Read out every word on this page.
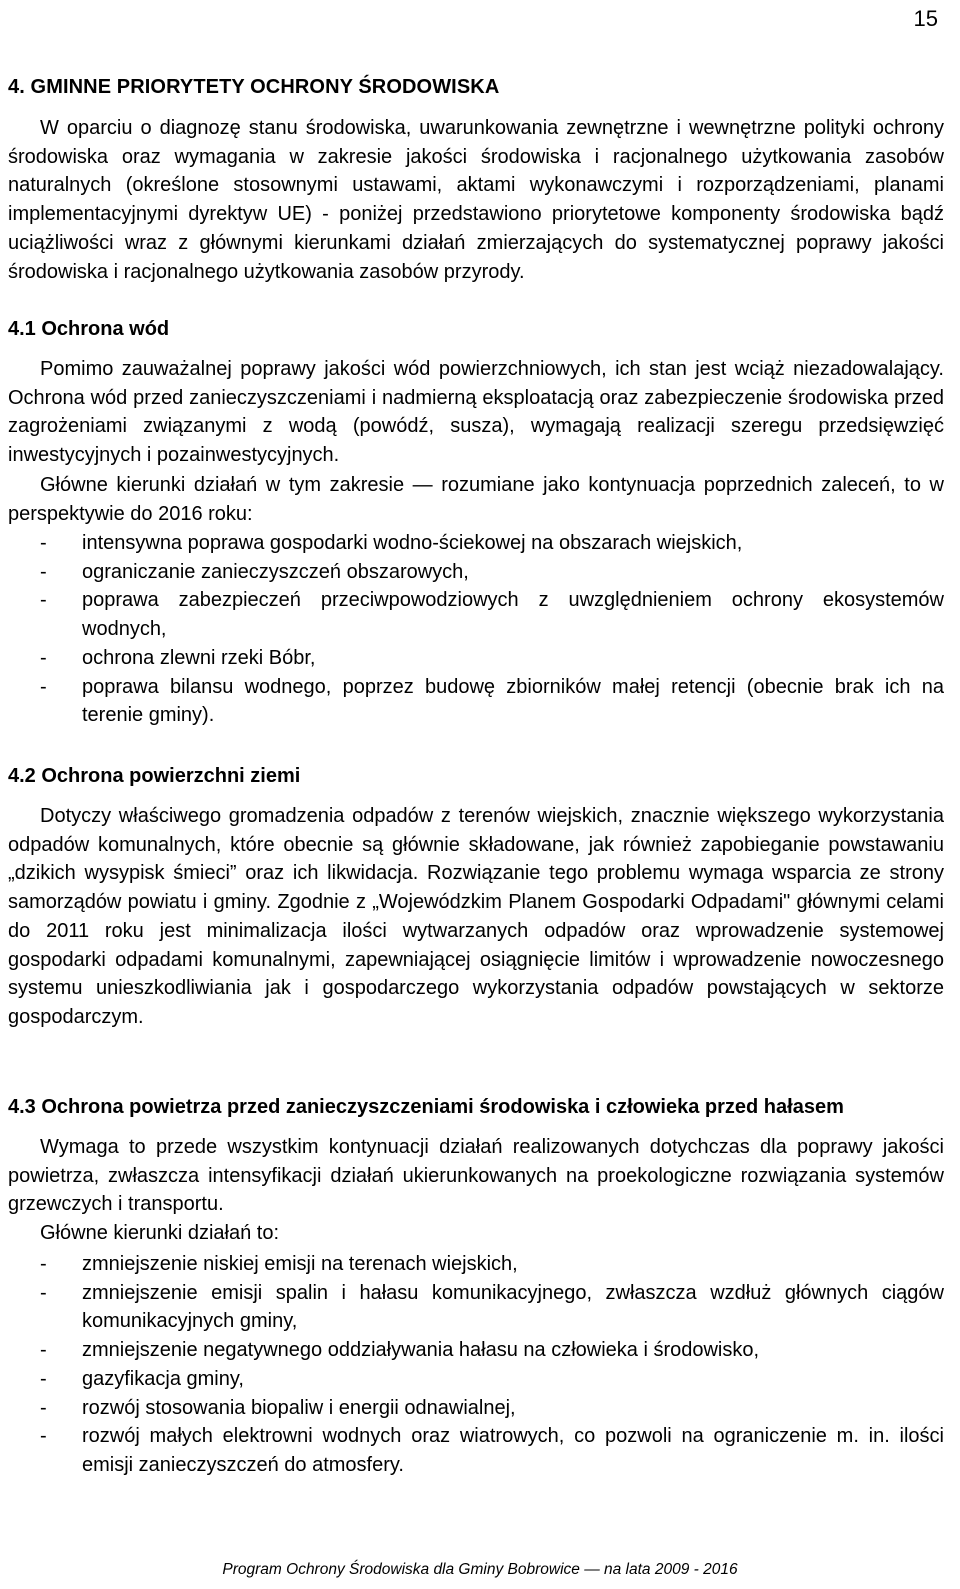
15
4. GMINNE PRIORYTETY OCHRONY ŚRODOWISKA
W oparciu o diagnozę stanu środowiska, uwarunkowania zewnętrzne i wewnętrzne polityki ochrony środowiska oraz wymagania w zakresie jakości środowiska i racjonalnego użytkowania zasobów naturalnych (określone stosownymi ustawami, aktami wykonawczymi i rozporządzeniami, planami implementacyjnymi dyrektyw UE) - poniżej przedstawiono priorytetowe komponenty środowiska bądź uciążliwości wraz z głównymi kierunkami działań zmierzających do systematycznej poprawy jakości środowiska i racjonalnego użytkowania zasobów przyrody.
4.1 Ochrona wód
Pomimo zauważalnej poprawy jakości wód powierzchniowych, ich stan jest wciąż niezadowalający. Ochrona wód przed zanieczyszczeniami i nadmierną eksploatacją oraz zabezpieczenie środowiska przed zagrożeniami związanymi z wodą (powódź, susza), wymagają realizacji szeregu przedsięwzięć inwestycyjnych i pozainwestycyjnych.
Główne kierunki działań w tym zakresie — rozumiane jako kontynuacja poprzednich zaleceń, to w perspektywie do 2016 roku:
- intensywna poprawa gospodarki wodno-ściekowej na obszarach wiejskich,
- ograniczanie zanieczyszczeń obszarowych,
- poprawa zabezpieczeń przeciwpowodziowych z uwzględnieniem ochrony ekosystemów wodnych,
- ochrona zlewni rzeki Bóbr,
- poprawa bilansu wodnego, poprzez budowę zbiorników małej retencji (obecnie brak ich na terenie gminy).
4.2 Ochrona powierzchni ziemi
Dotyczy właściwego gromadzenia odpadów z terenów wiejskich, znacznie większego wykorzystania odpadów komunalnych, które obecnie są głównie składowane, jak również zapobieganie powstawaniu „dzikich wysypisk śmieci” oraz ich likwidacja. Rozwiązanie tego problemu wymaga wsparcia ze strony samorządów powiatu i gminy. Zgodnie z „Wojewódzkim Planem Gospodarki Odpadami" głównymi celami do 2011 roku jest minimalizacja ilości wytwarzanych odpadów oraz wprowadzenie systemowej gospodarki odpadami komunalnymi, zapewniającej osiągnięcie limitów i wprowadzenie nowoczesnego systemu unieszkodliwiania jak i gospodarczego wykorzystania odpadów powstających w sektorze gospodarczym.
4.3 Ochrona powietrza przed zanieczyszczeniami środowiska i człowieka przed hałasem
Wymaga to przede wszystkim kontynuacji działań realizowanych dotychczas dla poprawy jakości powietrza, zwłaszcza intensyfikacji działań ukierunkowanych na proekologiczne rozwiązania systemów grzewczych i transportu.
Główne kierunki działań to:
- zmniejszenie niskiej emisji na terenach wiejskich,
- zmniejszenie emisji spalin i hałasu komunikacyjnego, zwłaszcza wzdłuż głównych ciągów komunikacyjnych gminy,
- zmniejszenie negatywnego oddziaływania hałasu na człowieka i środowisko,
- gazyfikacja gminy,
- rozwój stosowania biopaliw i energii odnawialnej,
- rozwój małych elektrowni wodnych oraz wiatrowych, co pozwoli na ograniczenie m. in. ilości emisji zanieczyszczeń do atmosfery.
Program Ochrony Środowiska dla Gminy Bobrowice — na lata 2009 - 2016
